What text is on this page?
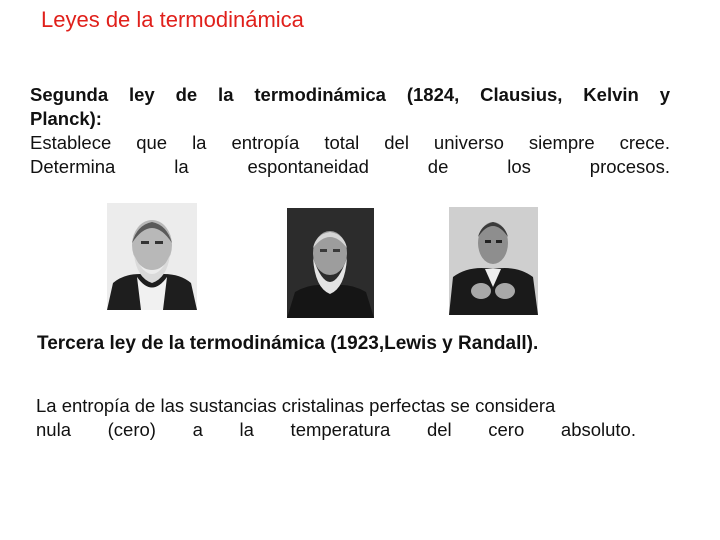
Leyes de la termodinámica
Segunda ley de la termodinámica (1824, Clausius, Kelvin y
Planck):
Establece que la entropía total del universo siempre crece.
Determina la espontaneidad de los procesos.
Tercera ley de la termodinámica (1923,Lewis y Randall).
La entropía de las sustancias cristalinas perfectas se considera
nula (cero) a la temperatura del cero absoluto.
